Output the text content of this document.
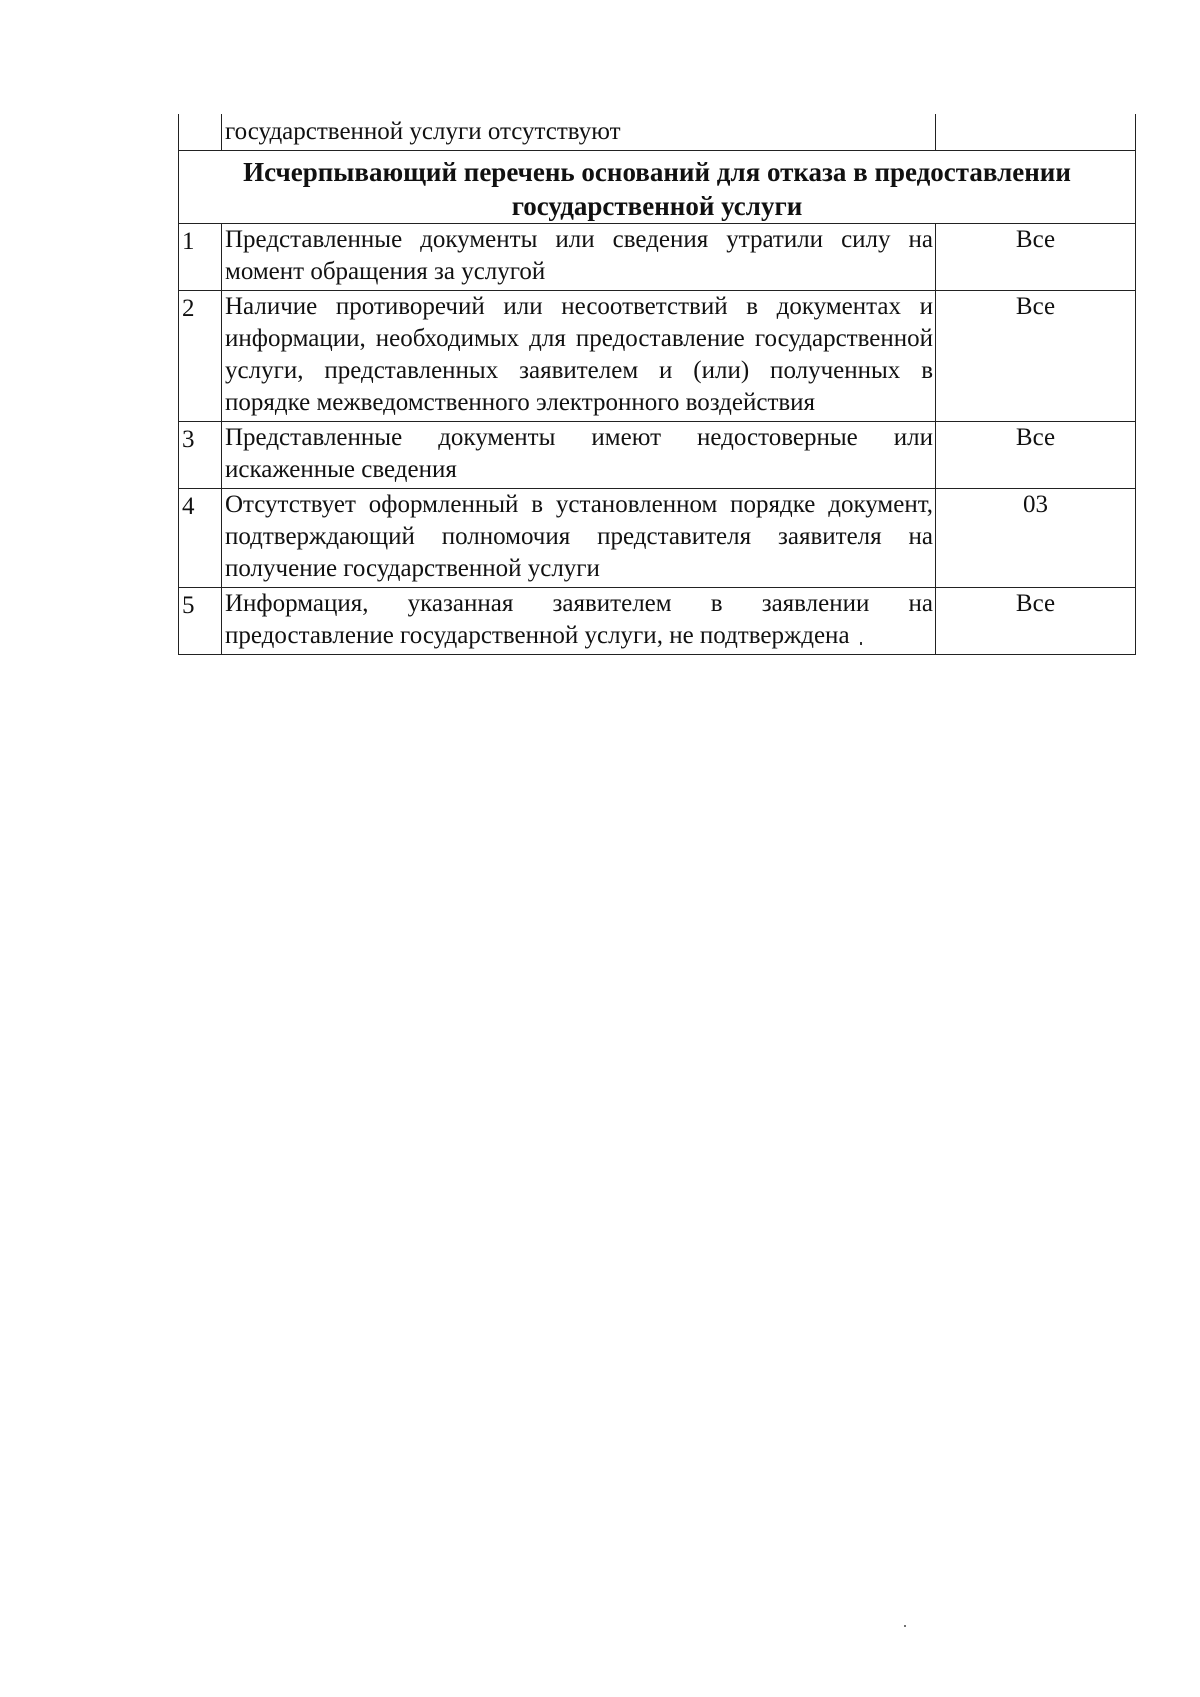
	государственной услуги отсутствуют	
Исчерпывающий перечень оснований для отказа в предоставлении государственной услуги		
1	Представленные документы или сведения утратили силу на момент обращения за услугой	Все
2	Наличие противоречий или несоответствий в документах и информации, необходимых для предоставление государственной услуги, представленных заявителем и (или) полученных в порядке межведомственного электронного воздействия	Все
3	Представленные документы имеют недостоверные или искаженные сведения	Все
4	Отсутствует оформленный в установленном порядке документ, подтверждающий полномочия представителя заявителя на получение государственной услуги	03
5	Информация, указанная заявителем в заявлении на предоставление государственной услуги, не подтверждена	Все
